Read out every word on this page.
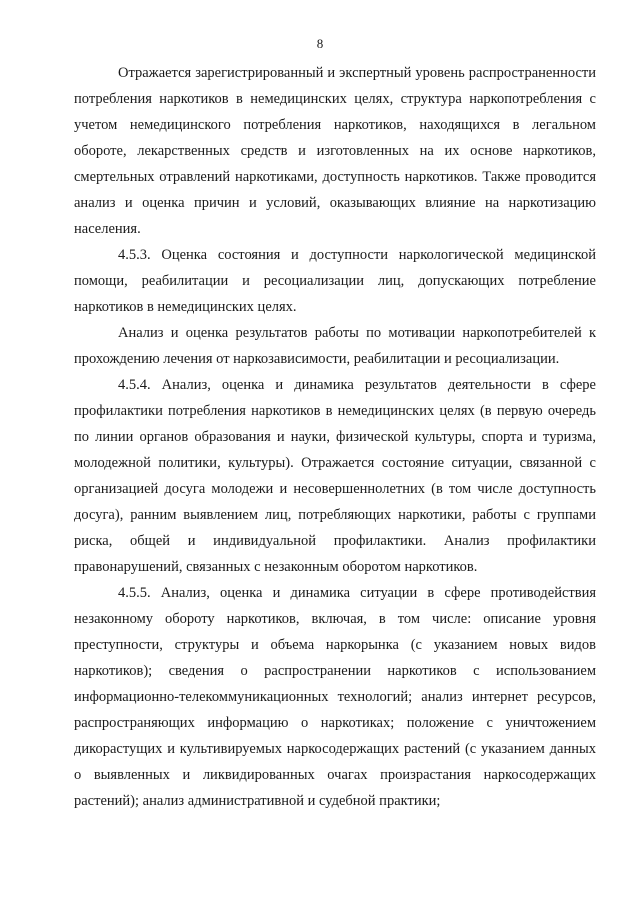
8

Отражается зарегистрированный и экспертный уровень распространенности потребления наркотиков в немедицинских целях, структура наркопотребления с учетом немедицинского потребления наркотиков, находящихся в легальном обороте, лекарственных средств и изготовленных на их основе наркотиков, смертельных отравлений наркотиками, доступность наркотиков. Также проводится анализ и оценка причин и условий, оказывающих влияние на наркотизацию населения.

4.5.3. Оценка состояния и доступности наркологической медицинской помощи, реабилитации и ресоциализации лиц, допускающих потребление наркотиков в немедицинских целях.

Анализ и оценка результатов работы по мотивации наркопотребителей к прохождению лечения от наркозависимости, реабилитации и ресоциализации.

4.5.4. Анализ, оценка и динамика результатов деятельности в сфере профилактики потребления наркотиков в немедицинских целях (в первую очередь по линии органов образования и науки, физической культуры, спорта и туризма, молодежной политики, культуры). Отражается состояние ситуации, связанной с организацией досуга молодежи и несовершеннолетних (в том числе доступность досуга), ранним выявлением лиц, потребляющих наркотики, работы с группами риска, общей и индивидуальной профилактики. Анализ профилактики правонарушений, связанных с незаконным оборотом наркотиков.

4.5.5. Анализ, оценка и динамика ситуации в сфере противодействия незаконному обороту наркотиков, включая, в том числе: описание уровня преступности, структуры и объема наркорынка (с указанием новых видов наркотиков); сведения о распространении наркотиков с использованием информационно-телекоммуникационных технологий; анализ интернет ресурсов, распространяющих информацию о наркотиках; положение с уничтожением дикорастущих и культивируемых наркосодержащих растений (с указанием данных о выявленных и ликвидированных очагах произрастания наркосодержащих растений); анализ административной и судебной практики;
